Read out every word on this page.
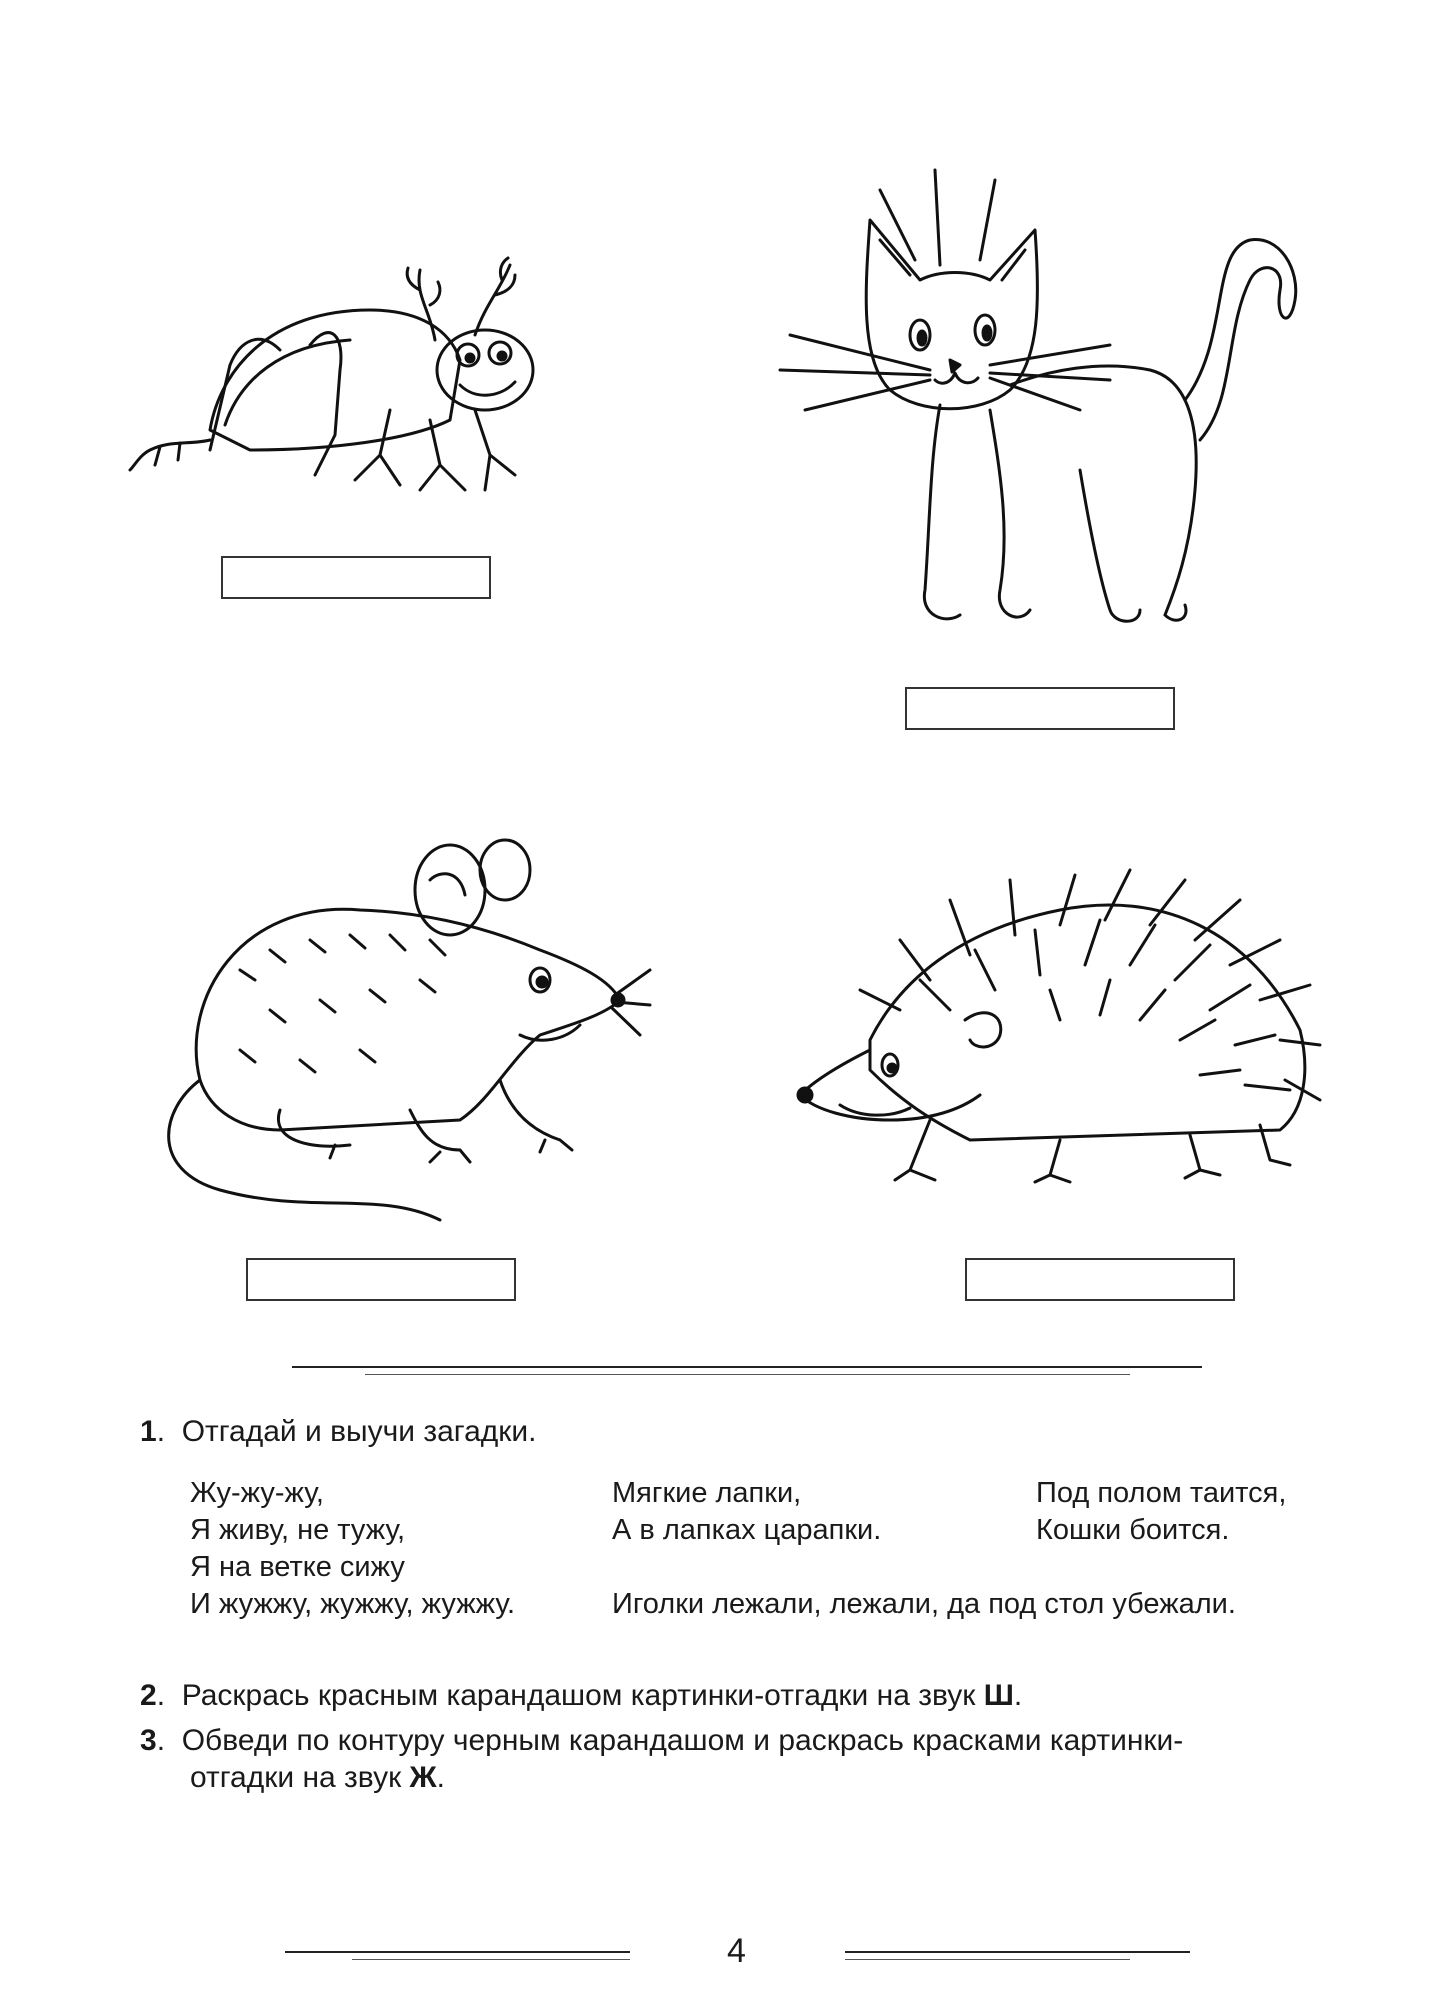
1.  Отгадай и выучи загадки.
Жу-жу-жу,
Я живу, не тужу,
Я на ветке сижу
И жужжу, жужжу, жужжу.
Мягкие лапки,
А в лапках царапки.
Под полом таится,
Кошки боится.
Иголки лежали, лежали, да под стол убежали.
2.  Раскрась красным карандашом картинки-отгадки на звук Ш.
3.  Обведи по контуру черным карандашом и раскрась красками картинки-
отгадки на звук Ж.
4
